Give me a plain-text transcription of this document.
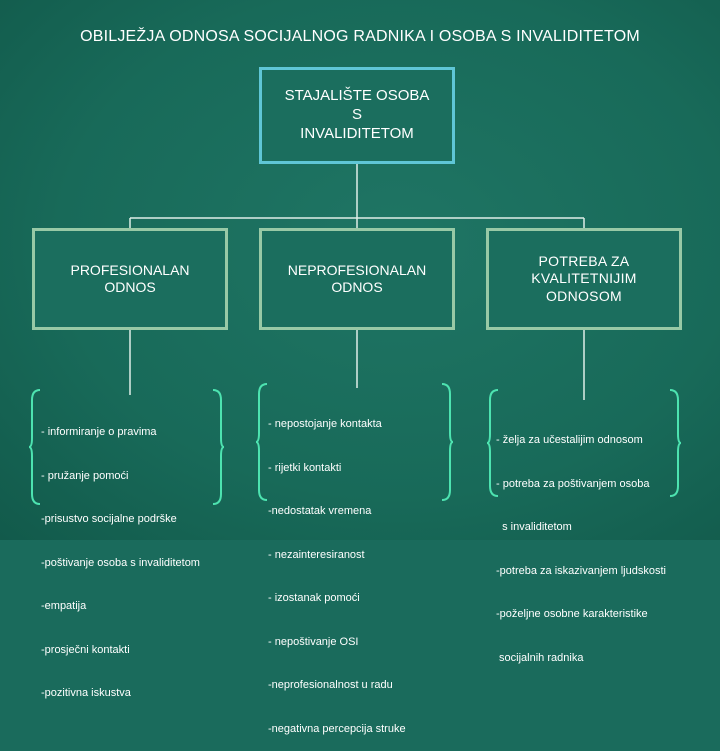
OBILJEŽJA ODNOSA SOCIJALNOG RADNIKA I OSOBA S INVALIDITETOM
STAJALIŠTE OSOBA
S
INVALIDITETOM
PROFESIONALAN
ODNOS
NEPROFESIONALAN
ODNOS
POTREBA ZA
KVALITETNIJIM
ODNOSOM

- informiranje o pravima

- pružanje pomoći

-prisustvo socijalne podrške

-poštivanje osoba s invaliditetom

-empatija

-prosječni kontakti

-pozitivna iskustva

- nepostojanje kontakta

- rijetki kontakti

-nedostatak vremena

- nezainteresiranost

- izostanak pomoći

- nepoštivanje OSI

-neprofesionalnost u radu

-negativna percepcija struke

- želja za učestalijim odnosom

- potreba za poštivanjem osoba

s invaliditetom

-potreba za iskazivanjem ljudskosti

-poželjne osobne karakteristike

socijalnih radnika
